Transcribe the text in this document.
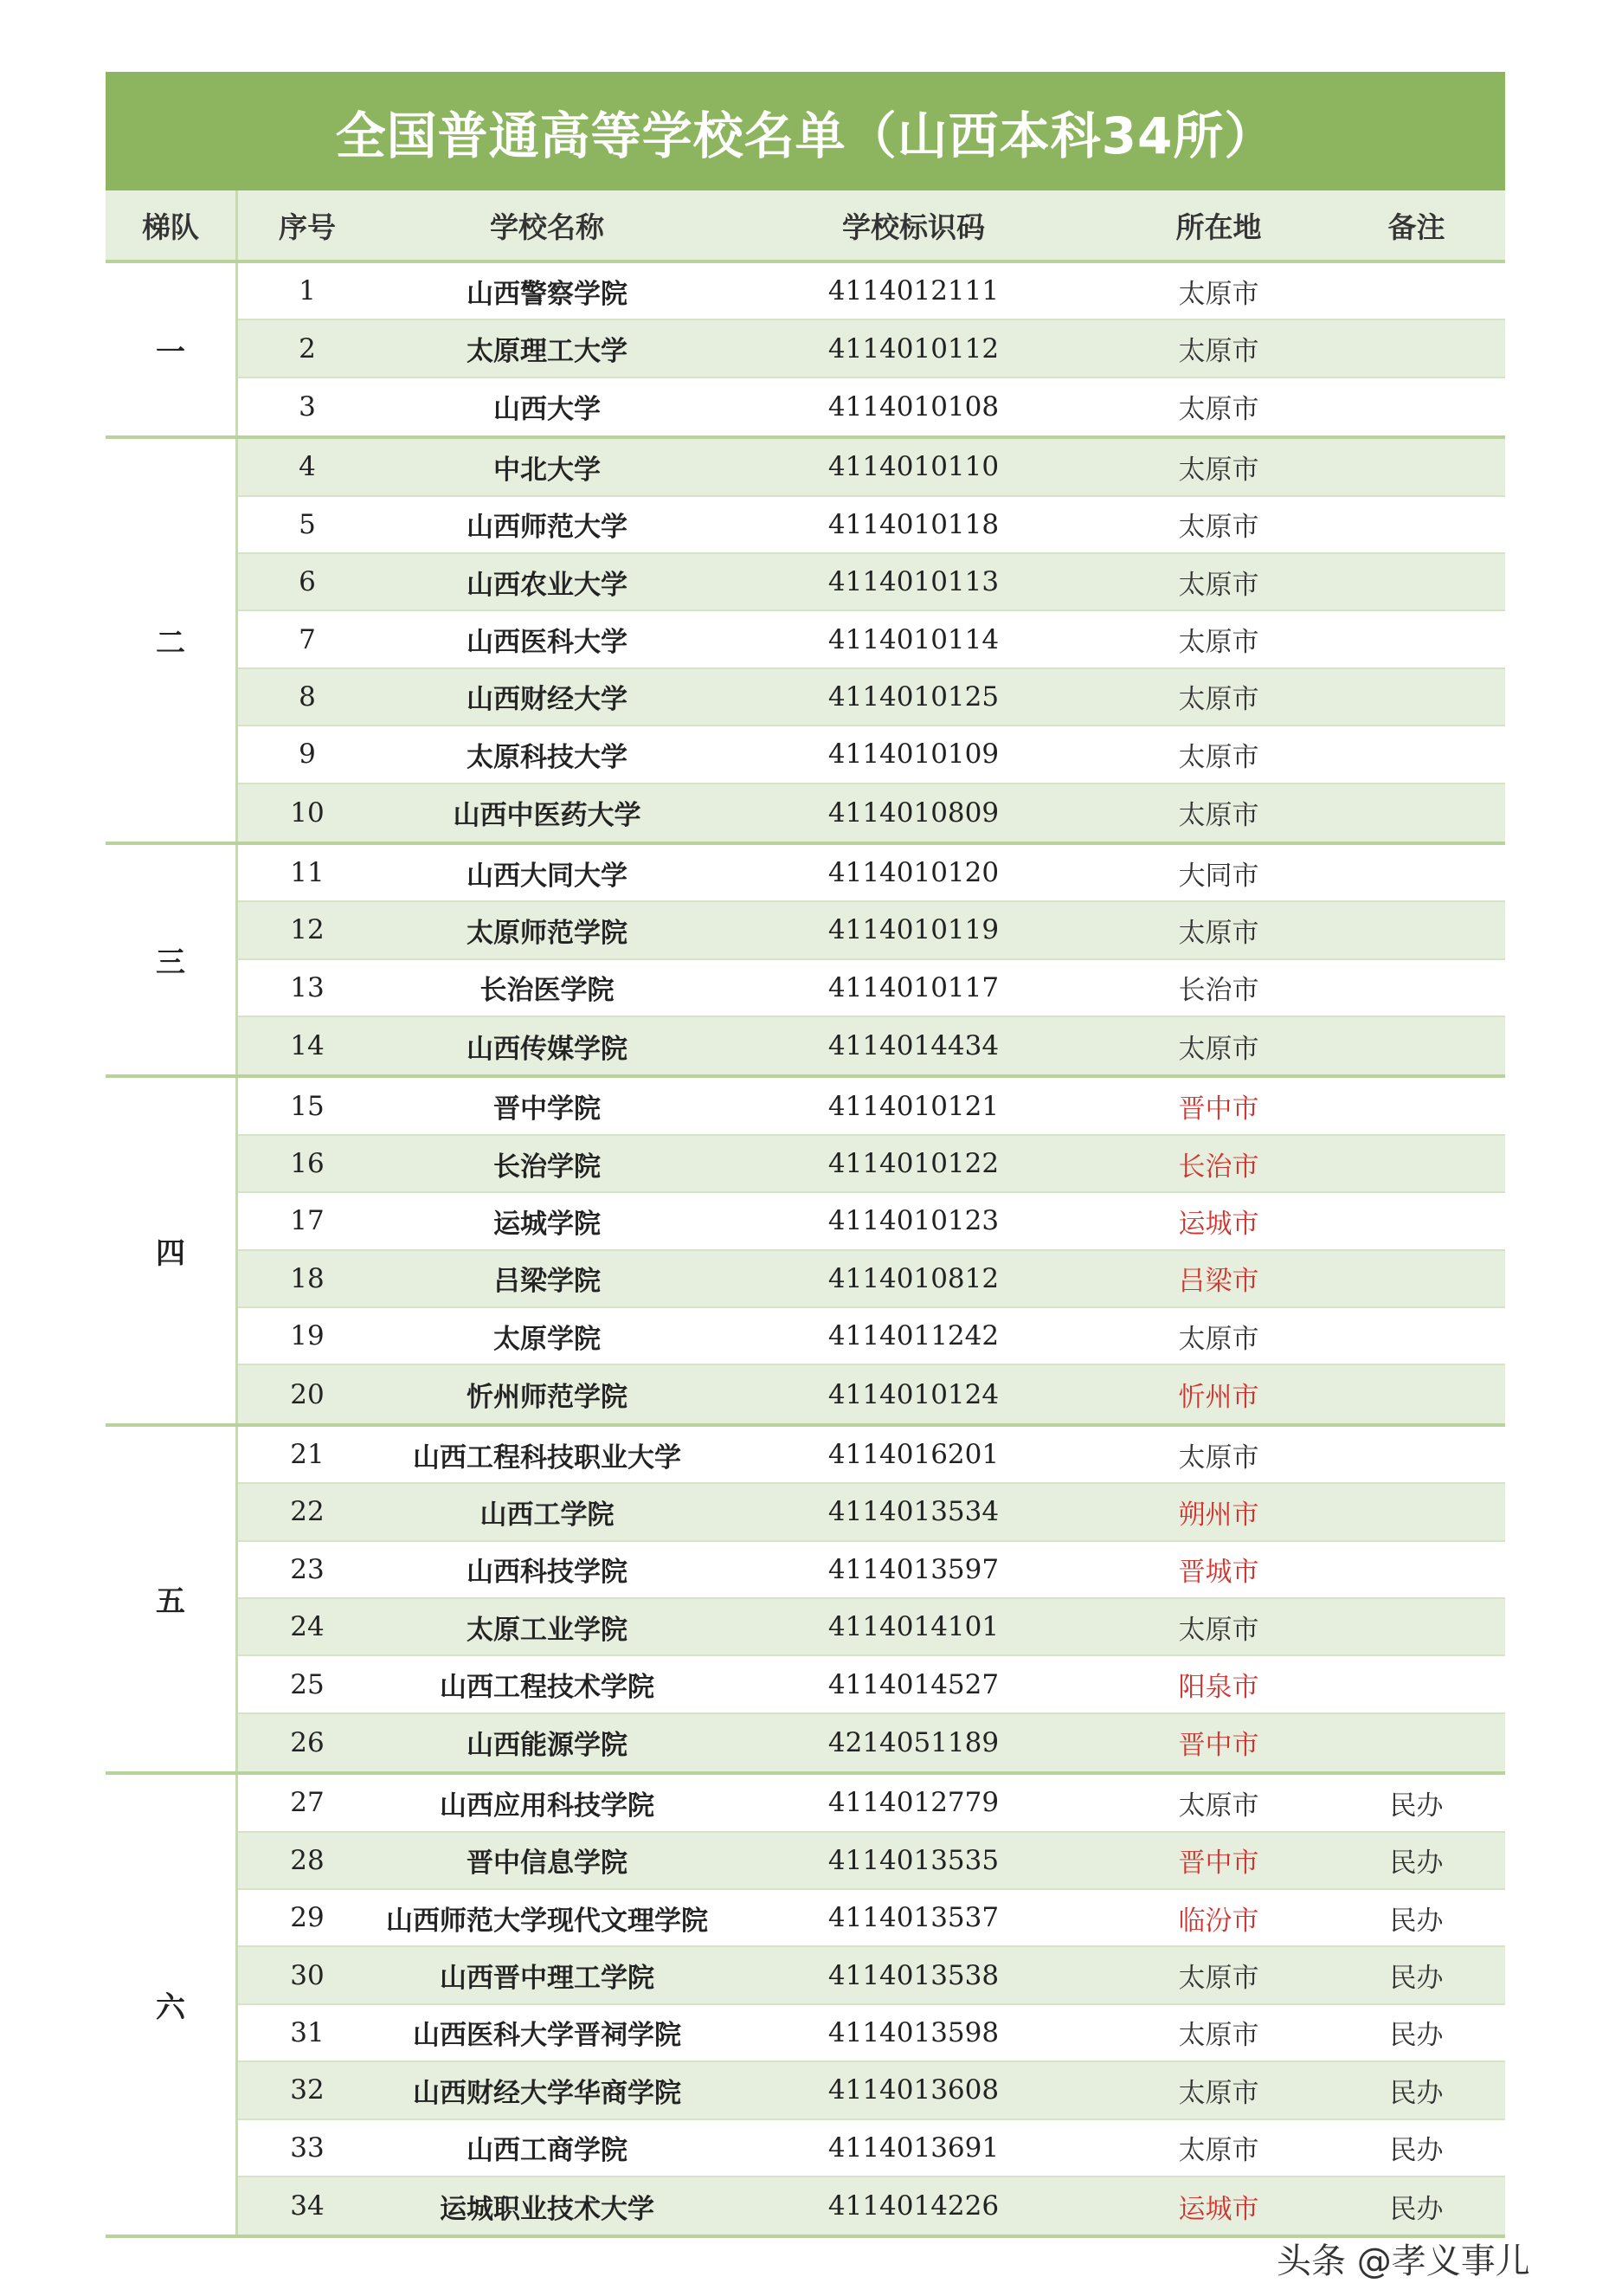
全国普通高等学校名单（山西本科34所）
梯队	序号	学校名称	学校标识码	所在地	备注
一
1	山西警察学院	4114012111	太原市
2	太原理工大学	4114010112	太原市
3	山西大学	4114010108	太原市
二
4	中北大学	4114010110	太原市
5	山西师范大学	4114010118	太原市
6	山西农业大学	4114010113	太原市
7	山西医科大学	4114010114	太原市
8	山西财经大学	4114010125	太原市
9	太原科技大学	4114010109	太原市
10	山西中医药大学	4114010809	太原市
三
11	山西大同大学	4114010120	大同市
12	太原师范学院	4114010119	太原市
13	长治医学院	4114010117	长治市
14	山西传媒学院	4114014434	太原市
四
15	晋中学院	4114010121	晋中市
16	长治学院	4114010122	长治市
17	运城学院	4114010123	运城市
18	吕梁学院	4114010812	吕梁市
19	太原学院	4114011242	太原市
20	忻州师范学院	4114010124	忻州市
五
21	山西工程科技职业大学	4114016201	太原市
22	山西工学院	4114013534	朔州市
23	山西科技学院	4114013597	晋城市
24	太原工业学院	4114014101	太原市
25	山西工程技术学院	4114014527	阳泉市
26	山西能源学院	4214051189	晋中市
六
27	山西应用科技学院	4114012779	太原市	民办
28	晋中信息学院	4114013535	晋中市	民办
29	山西师范大学现代文理学院	4114013537	临汾市	民办
30	山西晋中理工学院	4114013538	太原市	民办
31	山西医科大学晋祠学院	4114013598	太原市	民办
32	山西财经大学华商学院	4114013608	太原市	民办
33	山西工商学院	4114013691	太原市	民办
34	运城职业技术大学	4114014226	运城市	民办
头条 @孝义事儿
